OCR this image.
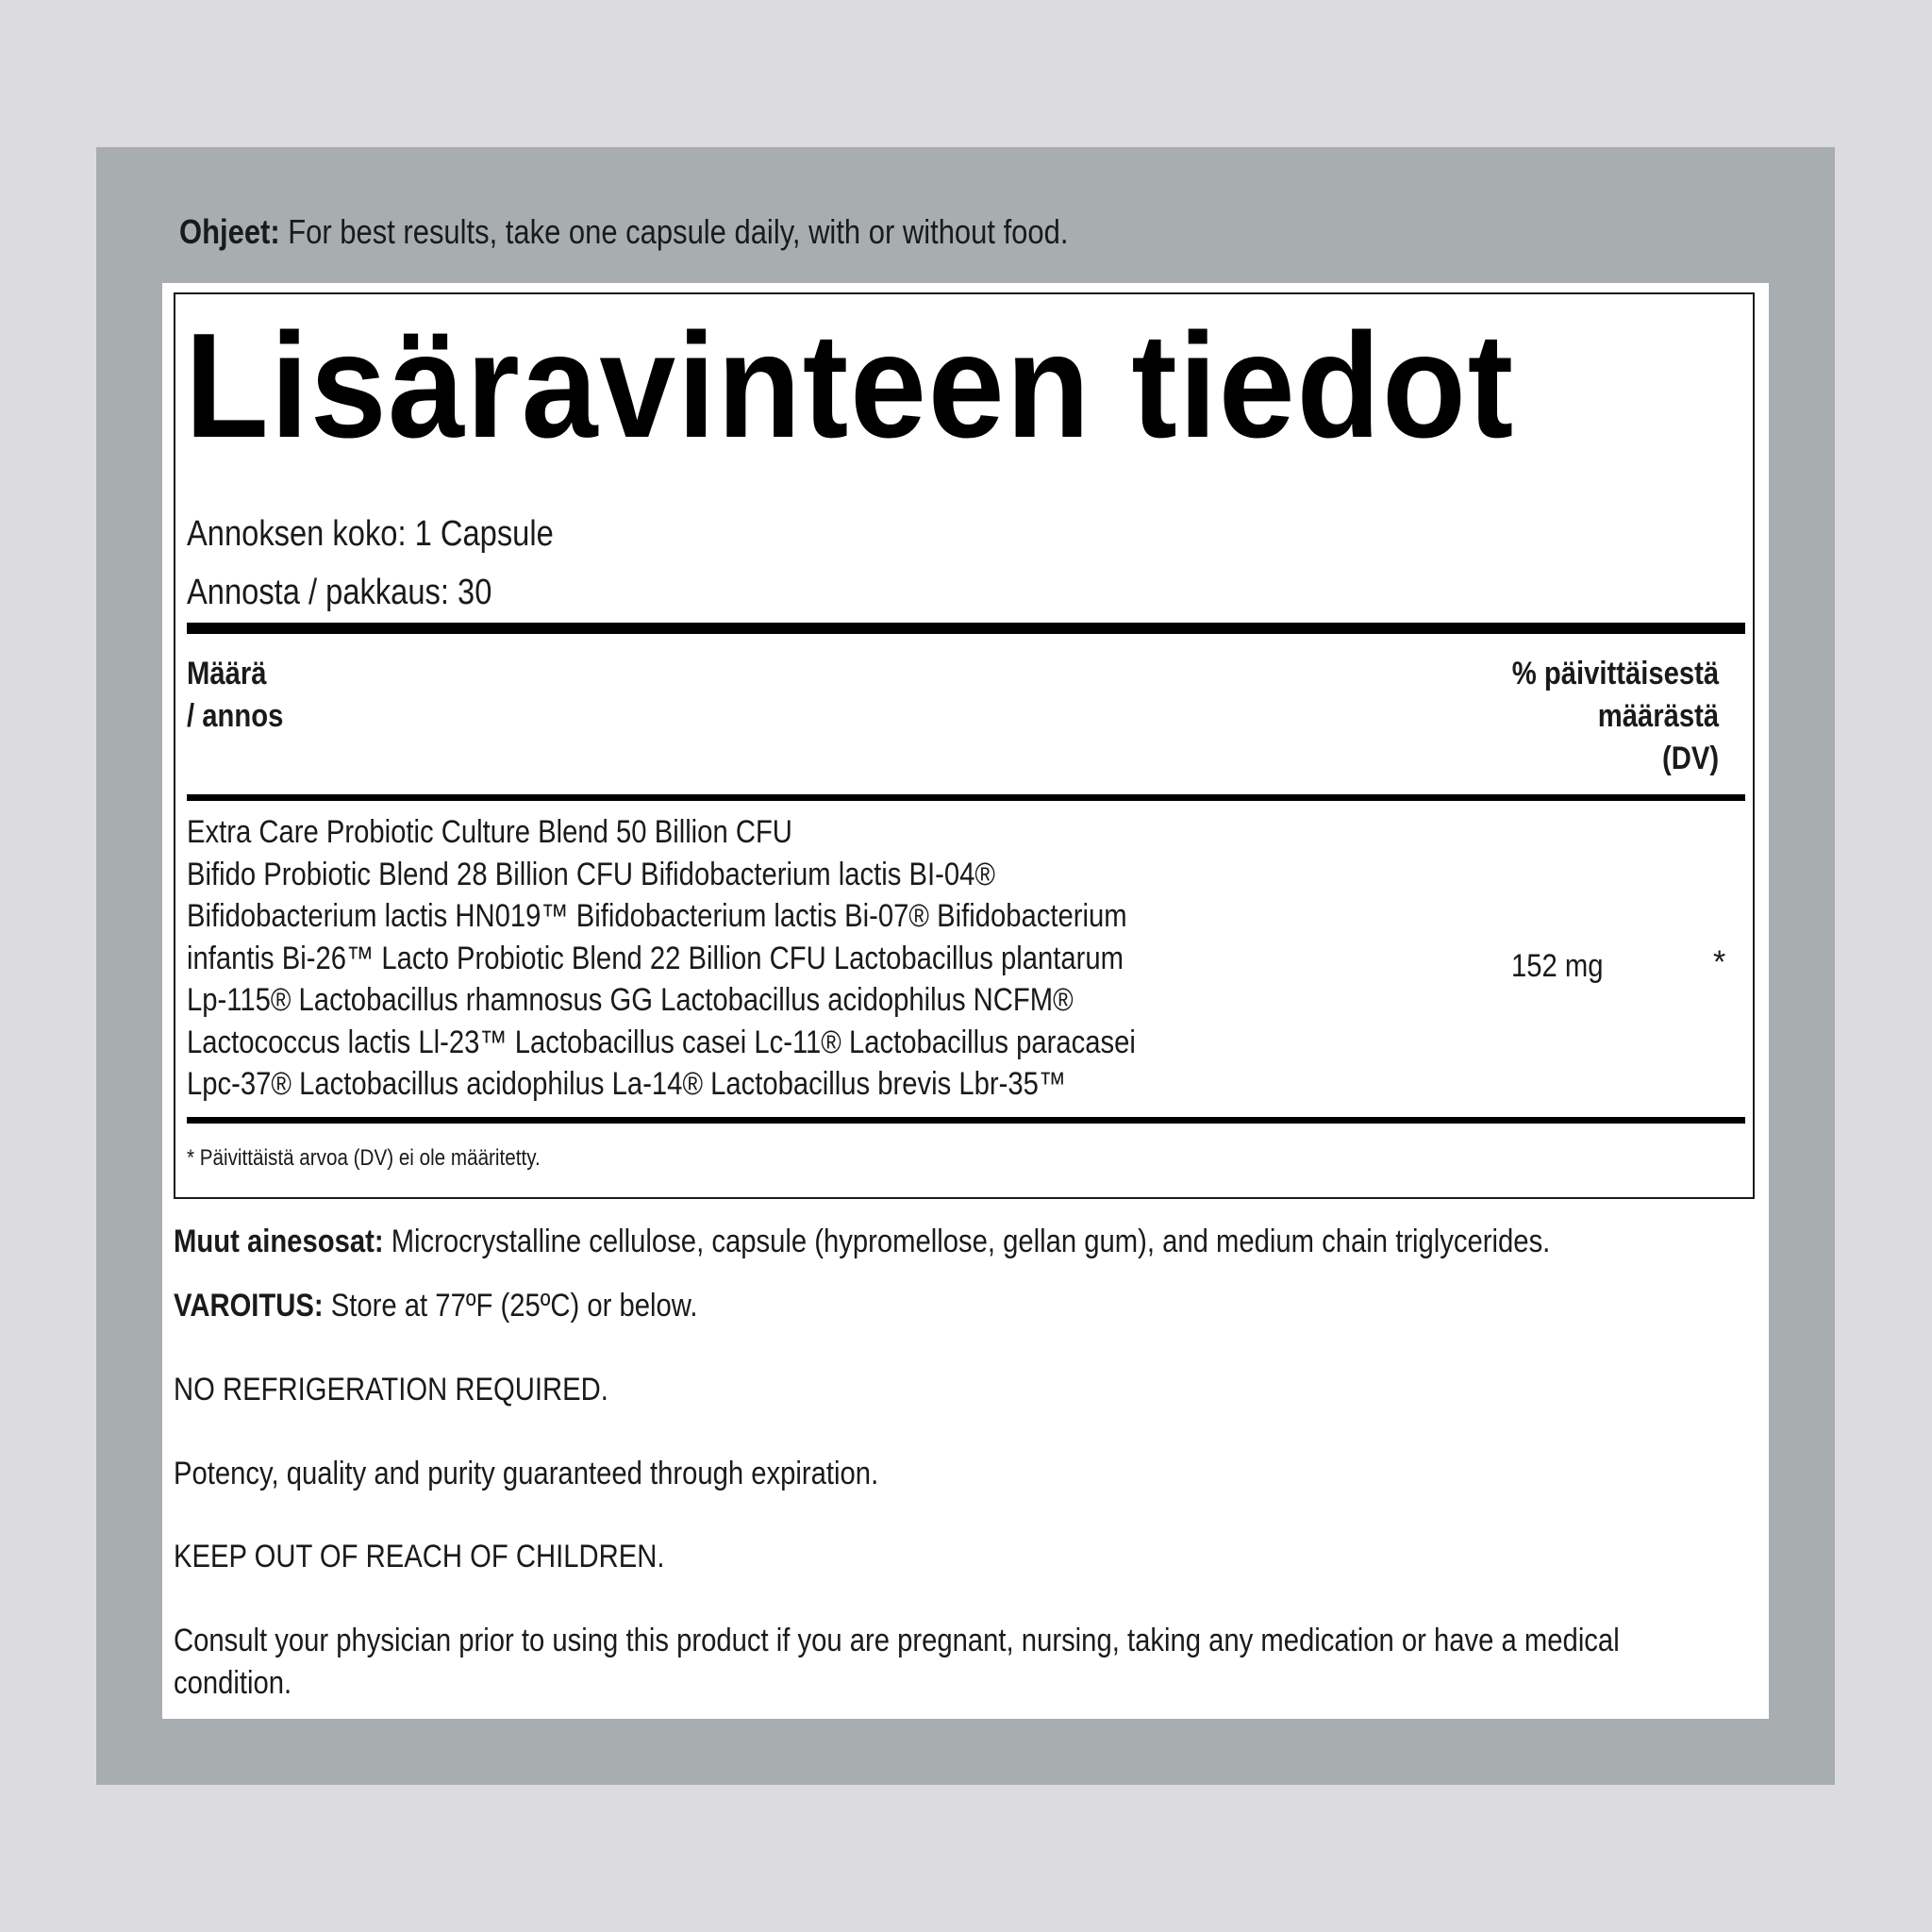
Ohjeet: For best results, take one capsule daily, with or without food.
Lisäravinteen tiedot
Annoksen koko: 1 Capsule
Annosta / pakkaus: 30
Määrä
/ annos
% päivittäisestä
määrästä
(DV)
Extra Care Probiotic Culture Blend 50 Billion CFU
Bifido Probiotic Blend 28 Billion CFU Bifidobacterium lactis BI-04®
Bifidobacterium lactis HN019™ Bifidobacterium lactis Bi-07® Bifidobacterium
infantis Bi-26™ Lacto Probiotic Blend 22 Billion CFU Lactobacillus plantarum
Lp-115® Lactobacillus rhamnosus GG Lactobacillus acidophilus NCFM®
Lactococcus lactis Ll-23™ Lactobacillus casei Lc-11® Lactobacillus paracasei
Lpc-37® Lactobacillus acidophilus La-14® Lactobacillus brevis Lbr-35™
152 mg	*
* Päivittäistä arvoa (DV) ei ole määritetty.
Muut ainesosat: Microcrystalline cellulose, capsule (hypromellose, gellan gum), and medium chain triglycerides.
VAROITUS: Store at 77ºF (25ºC) or below.
NO REFRIGERATION REQUIRED.
Potency, quality and purity guaranteed through expiration.
KEEP OUT OF REACH OF CHILDREN.
Consult your physician prior to using this product if you are pregnant, nursing, taking any medication or have a medical condition.
